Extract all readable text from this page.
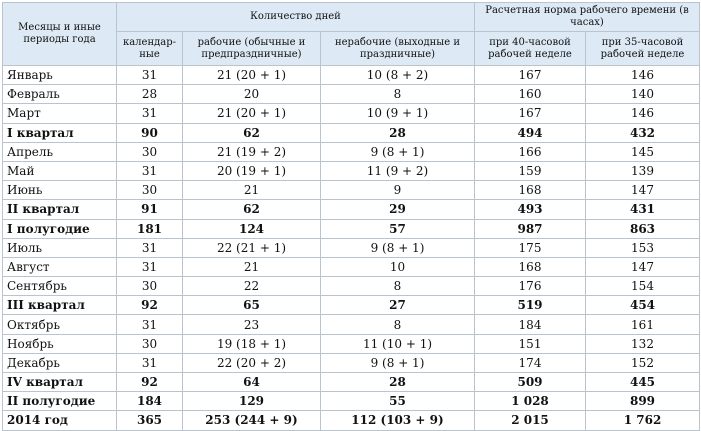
Месяцы и иные периоды года	Количество дней			Расчетная норма рабочего времени (в часах)	
	календар-ные	рабочие (обычные и предпраздничные)	нерабочие (выходные и праздничные)	при 40-часовой рабочей неделе	при 35-часовой рабочей неделе
Январь	31	21 (20 + 1)	10 (8 + 2)	167	146
Февраль	28	20	8	160	140
Март	31	21 (20 + 1)	10 (9 + 1)	167	146
I квартал	90	62	28	494	432
Апрель	30	21 (19 + 2)	9 (8 + 1)	166	145
Май	31	20 (19 + 1)	11 (9 + 2)	159	139
Июнь	30	21	9	168	147
II квартал	91	62	29	493	431
I полугодие	181	124	57	987	863
Июль	31	22 (21 + 1)	9 (8 + 1)	175	153
Август	31	21	10	168	147
Сентябрь	30	22	8	176	154
III квартал	92	65	27	519	454
Октябрь	31	23	8	184	161
Ноябрь	30	19 (18 + 1)	11 (10 + 1)	151	132
Декабрь	31	22 (20 + 2)	9 (8 + 1)	174	152
IV квартал	92	64	28	509	445
II полугодие	184	129	55	1 028	899
2014 год	365	253 (244 + 9)	112 (103 + 9)	2 015	1 762
